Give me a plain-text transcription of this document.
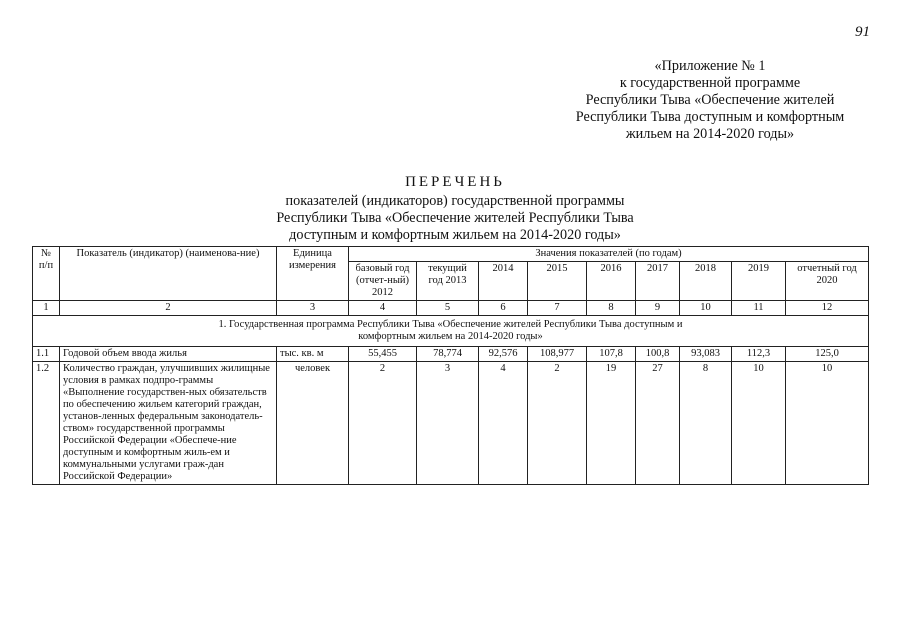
91
«Приложение № 1
к государственной программе
Республики Тыва «Обеспечение жителей
Республики Тыва доступным и комфортным
жильем на 2014-2020 годы»
ПЕРЕЧЕНЬ
показателей (индикаторов) государственной программы
Республики Тыва «Обеспечение жителей Республики Тыва
доступным и комфортным жильем на 2014-2020 годы»
№ п/п	Показатель (индикатор) (наименова-ние)	Единица измерения	Значения показателей (по годам)								
			базовый год (отчет-ный) 2012	текущий год 2013	2014	2015	2016	2017	2018	2019	отчетный год 2020
1	2	3	4	5	6	7	8	9	10	11	12
1. Государственная программа Республики Тыва «Обеспечение жителей Республики Тыва доступным и комфортным жильем на 2014-2020 годы»											
1.1	Годовой объем ввода жилья	тыс. кв. м	55,455	78,774	92,576	108,977	107,8	100,8	93,083	112,3	125,0
1.2	Количество граждан, улучшивших жилищные условия в рамках подпро-граммы «Выполнение государствен-ных обязательств по обеспечению жильем категорий граждан, установ-ленных федеральным законодатель-ством» государственной программы Российской Федерации «Обеспече-ние доступным и комфортным жиль-ем и коммунальными услугами граж-дан Российской Федерации»	человек	2	3	4	2	19	27	8	10	10
